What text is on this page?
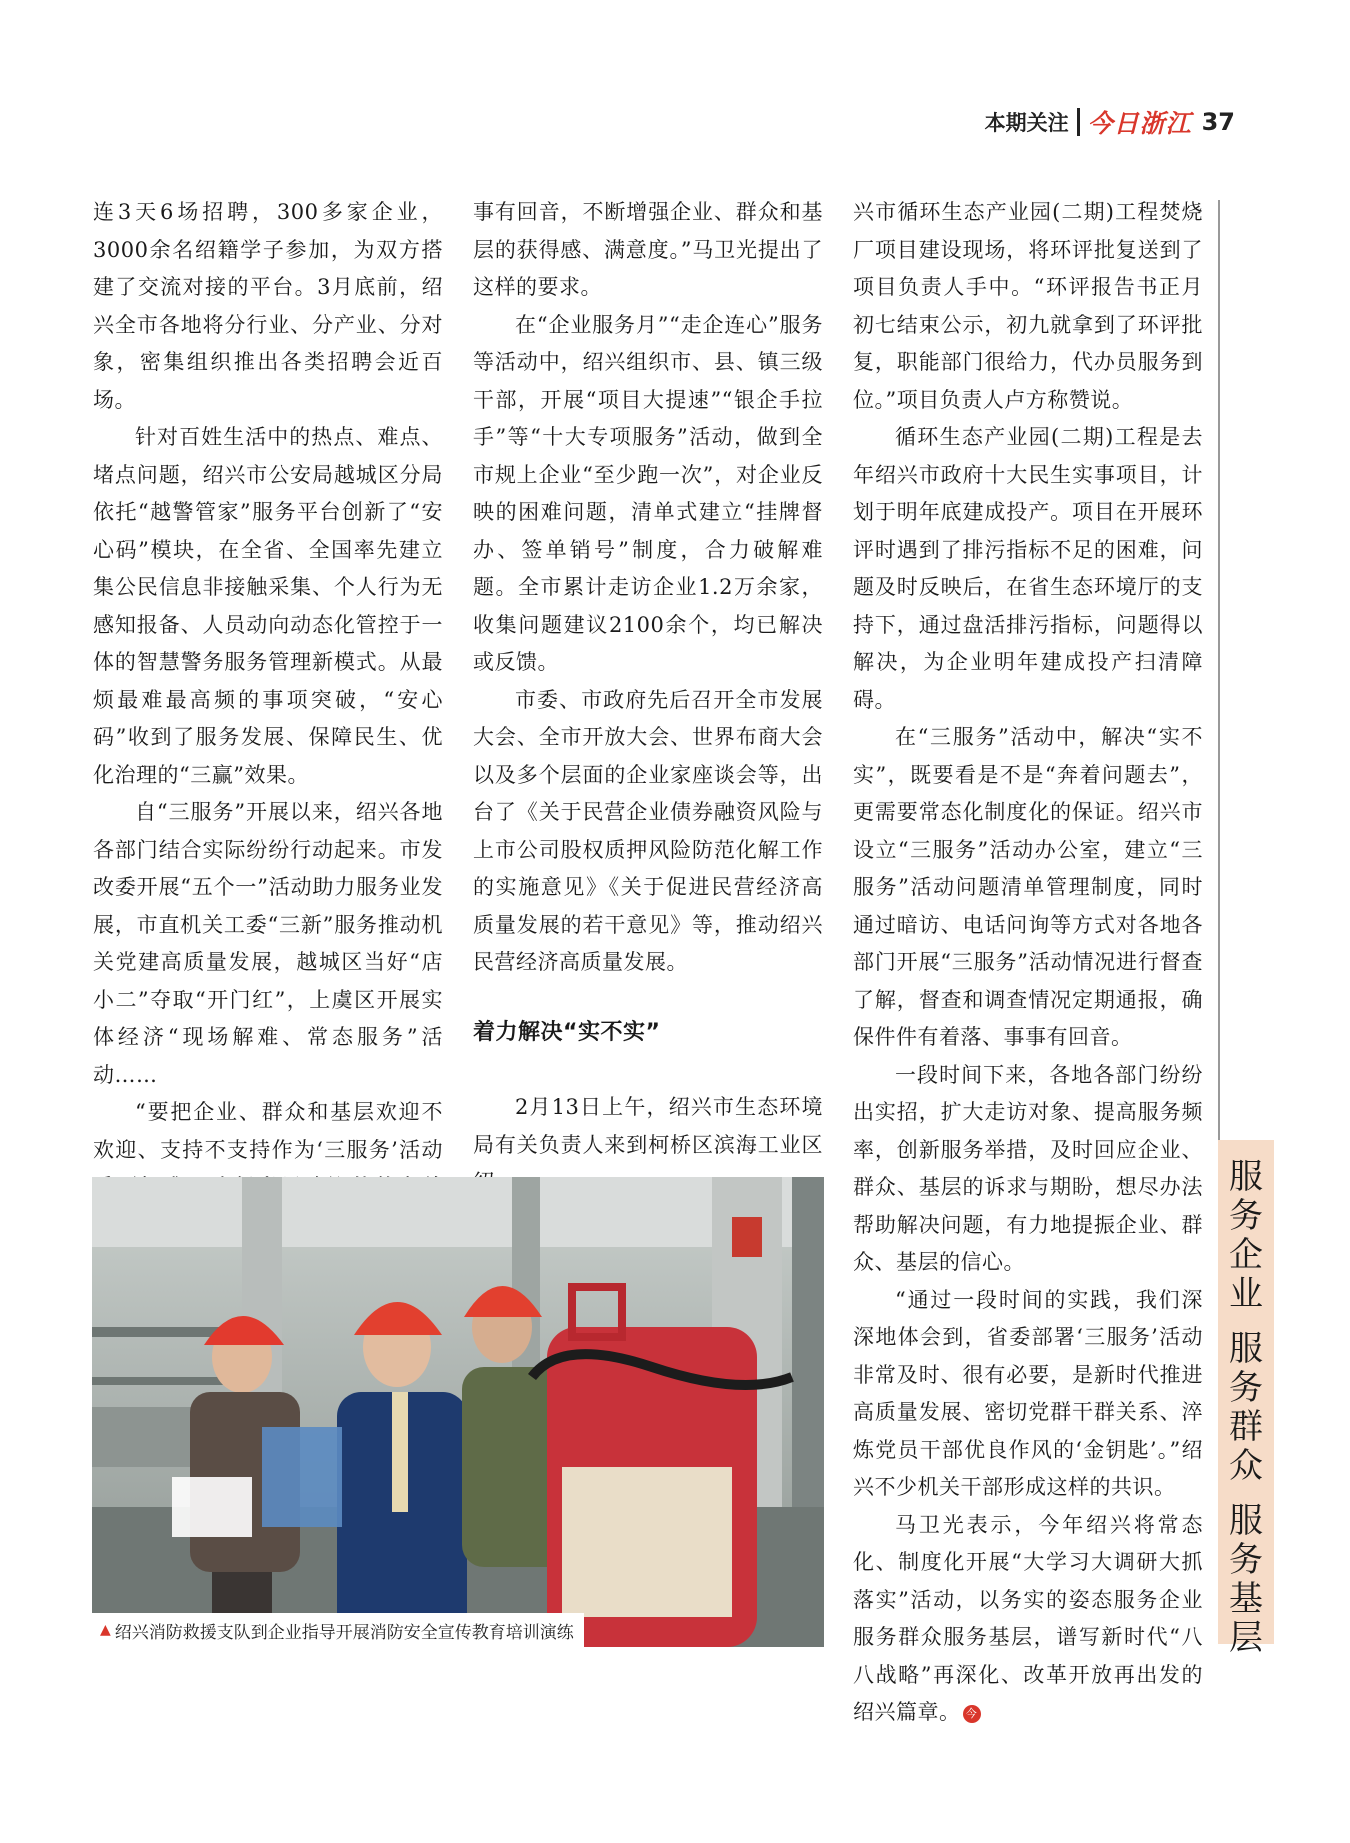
本期关注 今日浙江 37

连3天6场招聘，300多家企业，3000余名绍籍学子参加，为双方搭建了交流对接的平台。3月底前，绍兴全市各地将分行业、分产业、分对象，密集组织推出各类招聘会近百场。

针对百姓生活中的热点、难点、堵点问题，绍兴市公安局越城区分局依托“越警管家”服务平台创新了“安心码”模块，在全省、全国率先建立集公民信息非接触采集、个人行为无感知报备、人员动向动态化管控于一体的智慧警务服务管理新模式。从最烦最难最高频的事项突破，“安心码”收到了服务发展、保障民生、优化治理的“三赢”效果。

自“三服务”开展以来，绍兴各地各部门结合实际纷纷行动起来。市发改委开展“五个一”活动助力服务业发展，市直机关工委“三新”服务推动机关党建高质量发展，越城区当好“店小二”夺取“开门红”，上虞区开展实体经济“现场解难、常态服务”活动……

“要把企业、群众和基层欢迎不欢迎、支持不支持作为‘三服务’活动

事有回音，不断增强企业、群众和基层的获得感、满意度。”马卫光提出了这样的要求。

在“企业服务月”“走企连心”服务等活动中，绍兴组织市、县、镇三级干部，开展“项目大提速”“银企手拉手”等“十大专项服务”活动，做到全市规上企业“至少跑一次”，对企业反映的困难问题，清单式建立“挂牌督办、签单销号”制度，合力破解难题。全市累计走访企业1.2万余家，收集问题建议2100余个，均已解决或反馈。

市委、市政府先后召开全市发展大会、全市开放大会、世界布商大会以及多个层面的企业家座谈会等，出台了《关于民营企业债券融资风险与上市公司股权质押风险防范化解工作的实施意见》《关于促进民营经济高质量发展的若干意见》等，推动绍兴民营经济高质量发展。

着力解决“实不实”

2月13日上午，绍兴市生态环境局有关负责人来到柯桥区滨海工业区

兴市循环生态产业园(二期)工程焚烧厂项目建设现场，将环评批复送到了项目负责人手中。“环评报告书正月初七结束公示，初九就拿到了环评批复，职能部门很给力，代办员服务到位。”项目负责人卢方称赞说。

循环生态产业园(二期)工程是去年绍兴市政府十大民生实事项目，计划于明年底建成投产。项目在开展环评时遇到了排污指标不足的困难，问题及时反映后，在省生态环境厅的支持下，通过盘活排污指标，问题得以解决，为企业明年建成投产扫清障碍。

在“三服务”活动中，解决“实不实”，既要看是不是“奔着问题去”，更需要常态化制度化的保证。绍兴市设立“三服务”活动办公室，建立“三服务”活动问题清单管理制度，同时通过暗访、电话问询等方式对各地各部门开展“三服务”活动情况进行督查了解，督查和调查情况定期通报，确保件件有着落、事事有回音。

一段时间下来，各地各部门纷纷出实招，扩大走访对象、提高服务频率，创新服务举措，及时回应企业、群众、基层的诉求与期盼，想尽办法帮助解决问题，有力地提振企业、群众、基层的信心。

“通过一段时间的实践，我们深深地体会到，省委部署‘三服务’活动非常及时、很有必要，是新时代推进高质量发展、密切党群干群关系、淬炼党员干部优良作风的‘金钥匙’。”绍兴不少机关干部形成这样的共识。

马卫光表示，今年绍兴将常态化、制度化开展“大学习大调研大抓落实”活动，以务实的姿态服务企业服务群众服务基层，谱写新时代“八八战略”再深化、改革开放再出发的绍兴篇章。 今

▲ 绍兴消防救援支队到企业指导开展消防安全宣传教育培训演练
服
务
企
业
服
务
群
众
服
务
基
层
